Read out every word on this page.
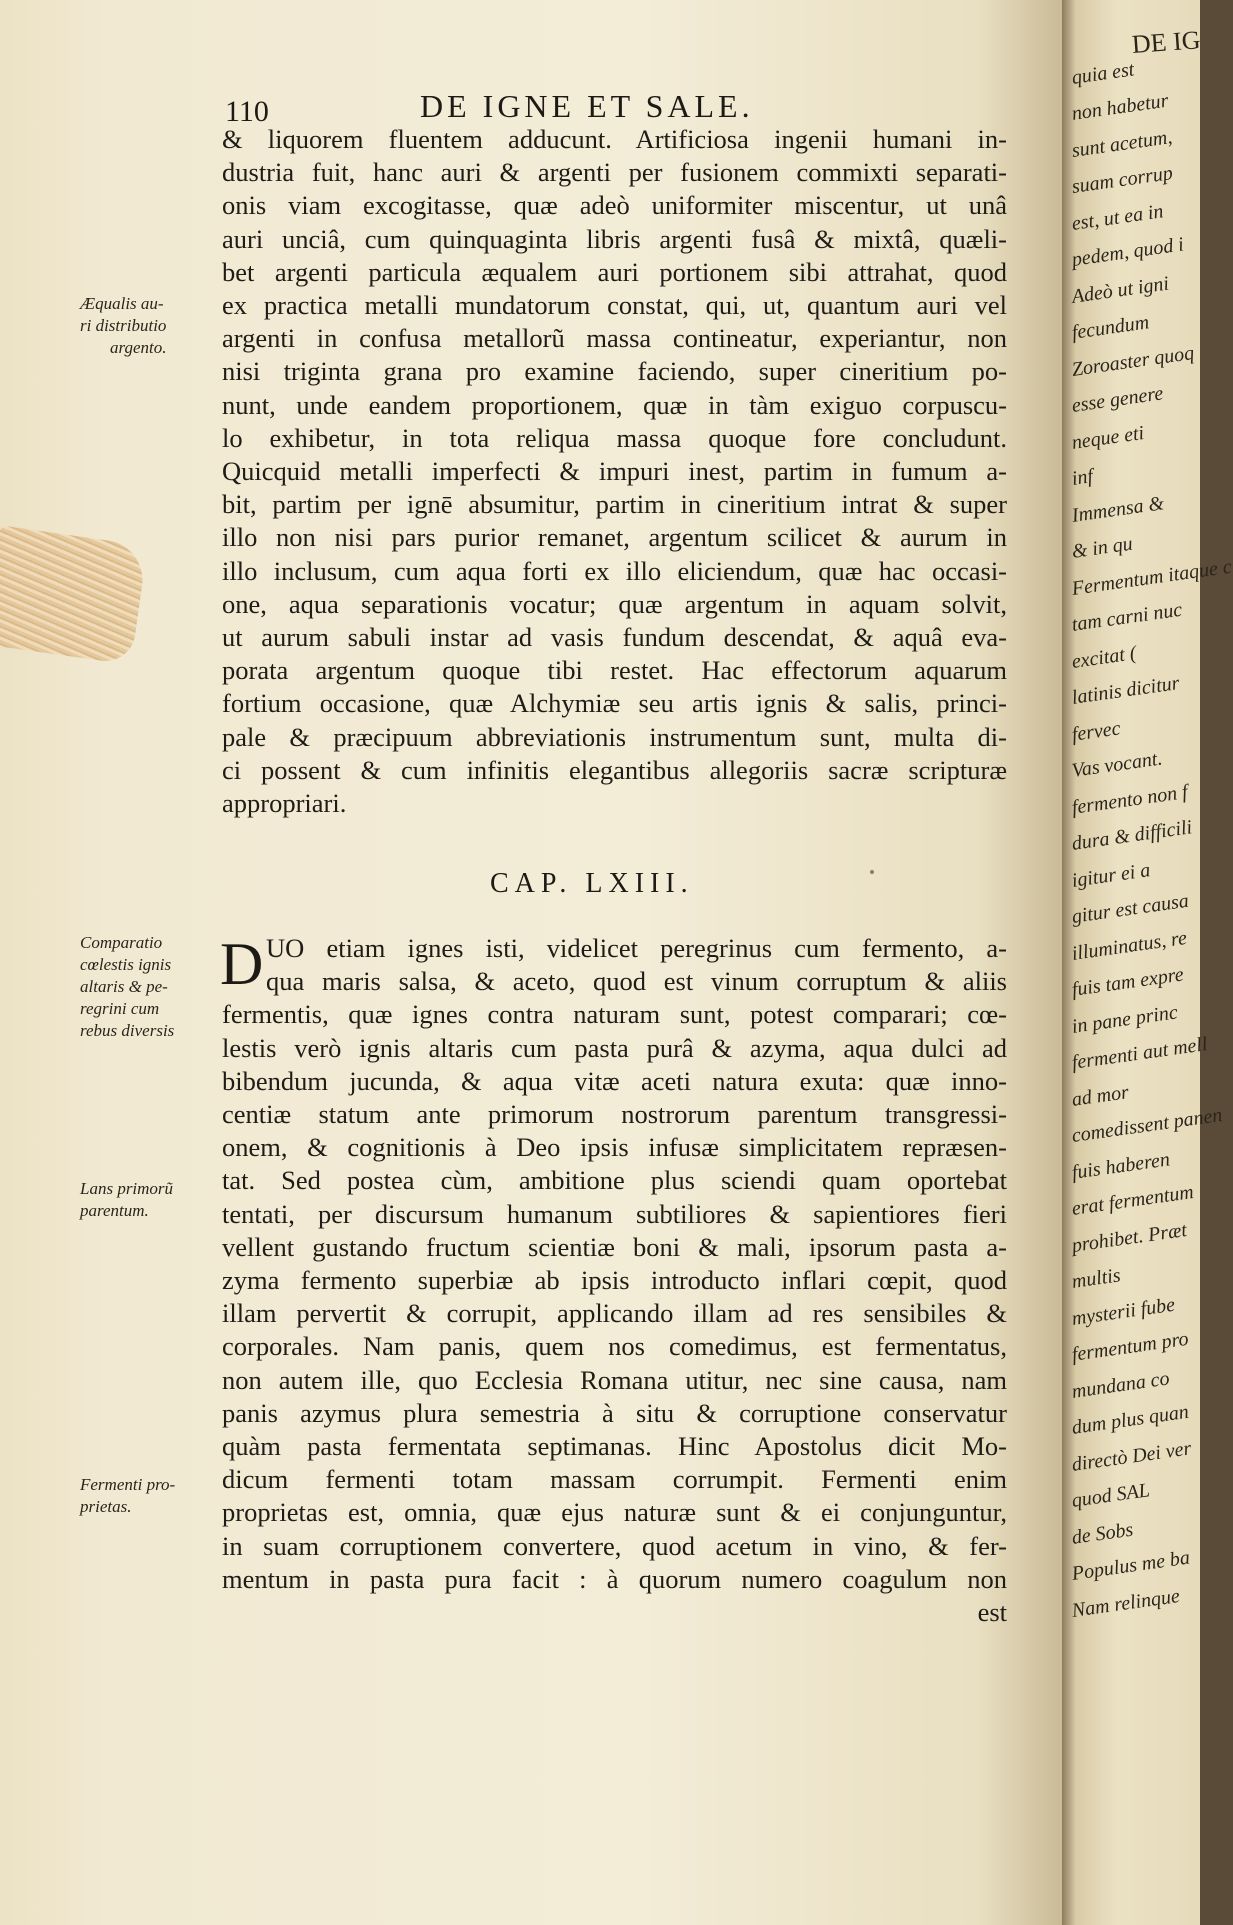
110	DE IGNE ET SALE.
& liquorem fluentem adducunt. Artificiosa ingenii humani in-
dustria fuit, hanc auri & argenti per fusionem commixti separati-
onis viam excogitasse, quæ adeò uniformiter miscentur, ut unâ
auri unciâ, cum quinquaginta libris argenti fusâ & mixtâ, quæli-
bet argenti particula æqualem auri portionem sibi attrahat, quod
ex practica metalli mundatorum constat, qui, ut, quantum auri vel
argenti in confusa metallorũ massa contineatur, experiantur, non
nisi triginta grana pro examine faciendo, super cineritium po-
nunt, unde eandem proportionem, quæ in tàm exiguo corpuscu-
lo exhibetur, in tota reliqua massa quoque fore concludunt.
Quicquid metalli imperfecti & impuri inest, partim in fumum a-
bit, partim per ignē absumitur, partim in cineritium intrat & super
illo non nisi pars purior remanet, argentum scilicet & aurum in
illo inclusum, cum aqua forti ex illo eliciendum, quæ hac occasi-
one, aqua separationis vocatur; quæ argentum in aquam solvit,
ut aurum sabuli instar ad vasis fundum descendat, & aquâ eva-
porata argentum quoque tibi restet. Hac effectorum aquarum
fortium occasione, quæ Alchymiæ seu artis ignis & salis, princi-
pale & præcipuum abbreviationis instrumentum sunt, multa di-
ci possent & cum infinitis elegantibus allegoriis sacræ scripturæ
appropriari.
CAP. LXIII.
D UO etiam ignes isti, videlicet peregrinus cum fermento, a-
qua maris salsa, & aceto, quod est vinum corruptum & aliis
fermentis, quæ ignes contra naturam sunt, potest comparari; cœ-
lestis verò ignis altaris cum pasta purâ & azyma, aqua dulci ad
bibendum jucunda, & aqua vitæ aceti natura exuta: quæ inno-
centiæ statum ante primorum nostrorum parentum transgressi-
onem, & cognitionis à Deo ipsis infusæ simplicitatem repræsen-
tat. Sed postea cùm, ambitione plus sciendi quam oportebat
tentati, per discursum humanum subtiliores & sapientiores fieri
vellent gustando fructum scientiæ boni & mali, ipsorum pasta a-
zyma fermento superbiæ ab ipsis introducto inflari cœpit, quod
illam pervertit & corrupit, applicando illam ad res sensibiles &
corporales. Nam panis, quem nos comedimus, est fermentatus,
non autem ille, quo Ecclesia Romana utitur, nec sine causa, nam
panis azymus plura semestria à situ & corruptione conservatur
quàm pasta fermentata septimanas. Hinc Apostolus dicit Mo-
dicum fermenti totam massam corrumpit. Fermenti enim
proprietas est, omnia, quæ ejus naturæ sunt & ei conjunguntur,
in suam corruptionem convertere, quod acetum in vino, & fer-
mentum in pasta pura facit : à quorum numero coagulum non
est
Æqualis au-
ri distributio
argento.
Comparatio
cœlestis ignis
altaris & pe-
regrini cum
rebus diversis
Lans primorũ
parentum.
Fermenti pro-
prietas.
DE IG
quia est
non habetur
sunt acetum,
suam corrup
est, ut ea in
pedem, quod i
Adeò ut igni
fecundum
Zoroaster quoq
esse genere
neque eti
inf
Immensa &
& in qu
Fermentum itaque c
tam carni nuc
excitat (
latinis dicitur
fervec
Vas vocant.
fermento non f
dura & difficili
igitur ei a
gitur est causa
illuminatus, re
fuis tam expre
in pane princ
fermenti aut mell
ad mor
comedissent panen
fuis haberen
erat fermentum
prohibet. Præt
multis
mysterii fube
fermentum pro
mundana co
dum plus quan
directò Dei ver
quod SAL
de Sobs
Populus me ba
Nam relinque
